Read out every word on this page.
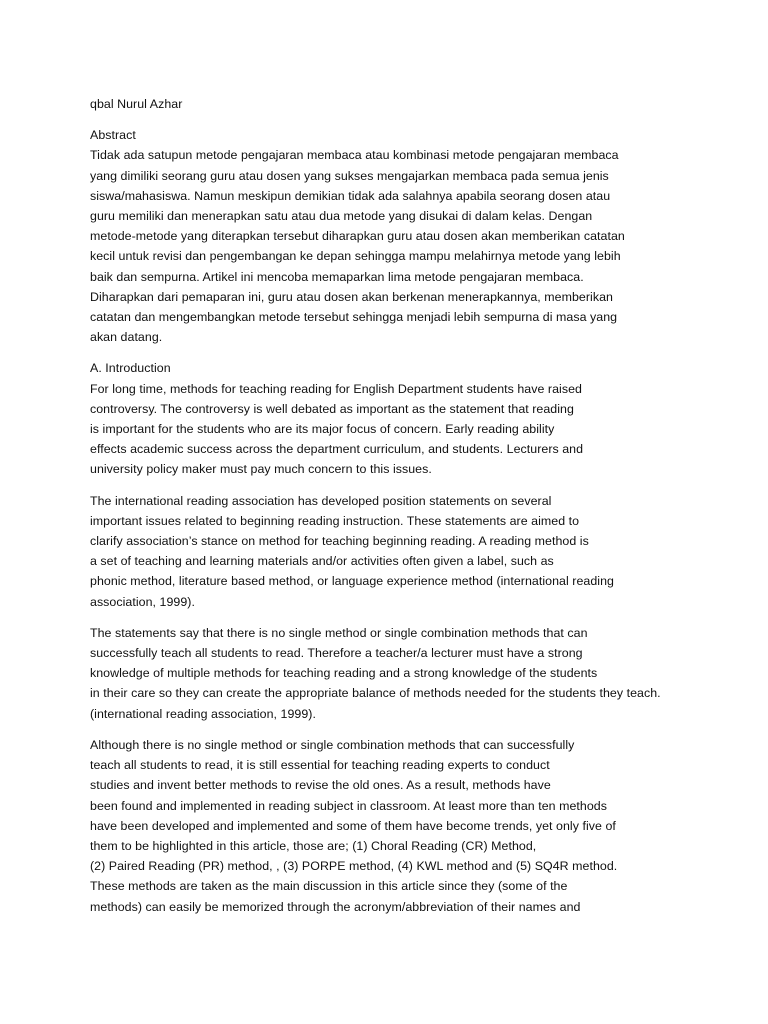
qbal Nurul Azhar
Abstract
Tidak ada satupun metode pengajaran membaca atau kombinasi metode pengajaran membaca
yang dimiliki seorang guru atau dosen yang sukses mengajarkan membaca pada semua jenis
siswa/mahasiswa. Namun meskipun demikian tidak ada salahnya apabila seorang dosen atau
guru memiliki dan menerapkan satu atau dua metode yang disukai di dalam kelas. Dengan
metode-metode yang diterapkan tersebut diharapkan guru atau dosen akan memberikan catatan
kecil untuk revisi dan pengembangan ke depan sehingga mampu melahirnya metode yang lebih
baik dan sempurna. Artikel ini mencoba memaparkan lima metode pengajaran membaca.
Diharapkan dari pemaparan ini, guru atau dosen akan berkenan menerapkannya, memberikan
catatan dan mengembangkan metode tersebut sehingga menjadi lebih sempurna di masa yang
akan datang.
A. Introduction
For long time, methods for teaching reading for English Department students have raised
controversy. The controversy is well debated as important as the statement that reading
is important for the students who are its major focus of concern. Early reading ability
effects academic success across the department curriculum, and students. Lecturers and
university policy maker must pay much concern to this issues.
The international reading association has developed position statements on several
important issues related to beginning reading instruction. These statements are aimed to
clarify association’s stance on method for teaching beginning reading. A reading method is
a set of teaching and learning materials and/or activities often given a label, such as
phonic method, literature based method, or language experience method (international reading
association, 1999).
The statements say that there is no single method or single combination methods that can
successfully teach all students to read. Therefore a teacher/a lecturer must have a strong
knowledge of multiple methods for teaching reading and a strong knowledge of the students
in their care so they can create the appropriate balance of methods needed for the students they teach.
(international reading association, 1999).
Although there is no single method or single combination methods that can successfully
teach all students to read, it is still essential for teaching reading experts to conduct
studies and invent better methods to revise the old ones. As a result, methods have
been found and implemented in reading subject in classroom. At least more than ten methods
have been developed and implemented and some of them have become trends, yet only five of
them to be highlighted in this article, those are; (1) Choral Reading (CR) Method,
(2) Paired Reading (PR) method, , (3) PORPE method, (4) KWL method and (5) SQ4R method.
These methods are taken as the main discussion in this article since they (some of the
methods) can easily be memorized through the acronym/abbreviation of their names and
